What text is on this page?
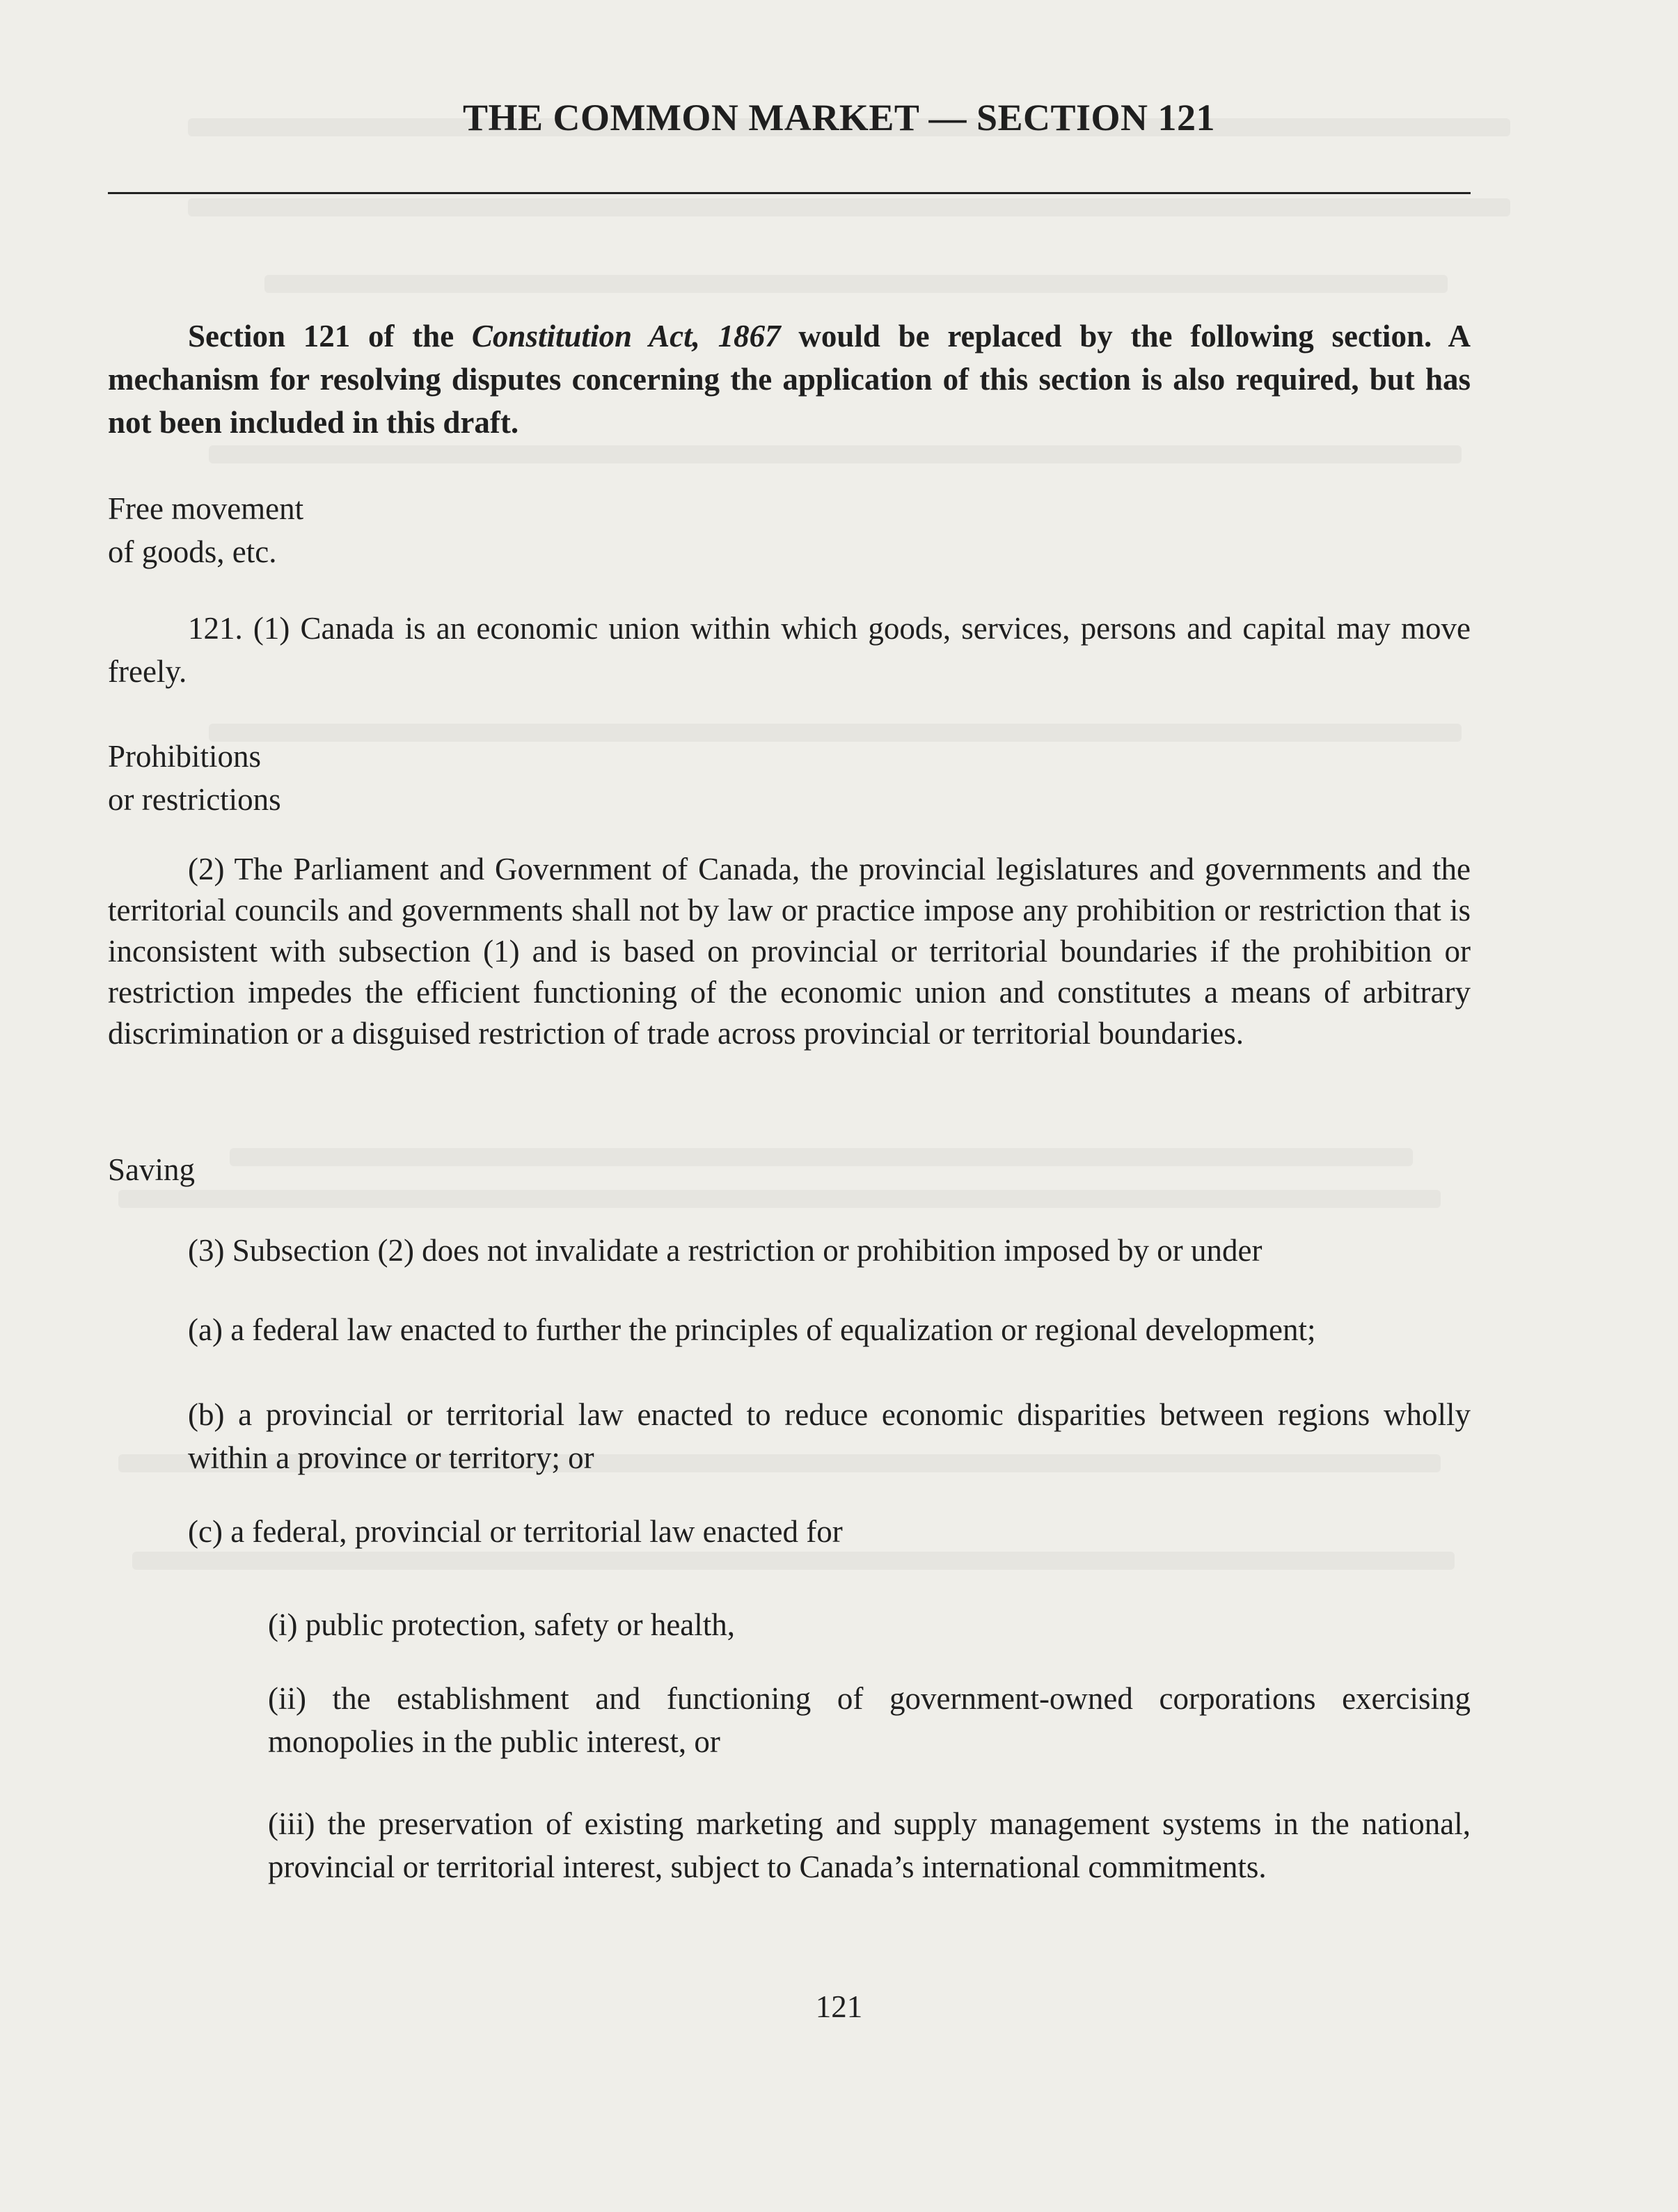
THE COMMON MARKET — SECTION 121
Section 121 of the Constitution Act, 1867 would be replaced by the following section. A mechanism for resolving disputes concerning the application of this section is also required, but has not been included in this draft.
Free movement
of goods, etc.
121. (1) Canada is an economic union within which goods, services, persons and capital may move freely.
Prohibitions
or restrictions
(2) The Parliament and Government of Canada, the provincial legislatures and governments and the territorial councils and governments shall not by law or practice impose any prohibition or restriction that is inconsistent with subsection (1) and is based on provincial or territorial boundaries if the prohibition or restriction impedes the efficient functioning of the economic union and constitutes a means of arbitrary discrimination or a disguised restriction of trade across provincial or territorial boundaries.
Saving
(3) Subsection (2) does not invalidate a restriction or prohibition imposed by or under
(a) a federal law enacted to further the principles of equalization or regional development;
(b) a provincial or territorial law enacted to reduce economic disparities between regions wholly within a province or territory; or
(c) a federal, provincial or territorial law enacted for
(i) public protection, safety or health,
(ii) the establishment and functioning of government-owned corporations exercising monopolies in the public interest, or
(iii) the preservation of existing marketing and supply management systems in the national, provincial or territorial interest, subject to Canada’s international commitments.
121
